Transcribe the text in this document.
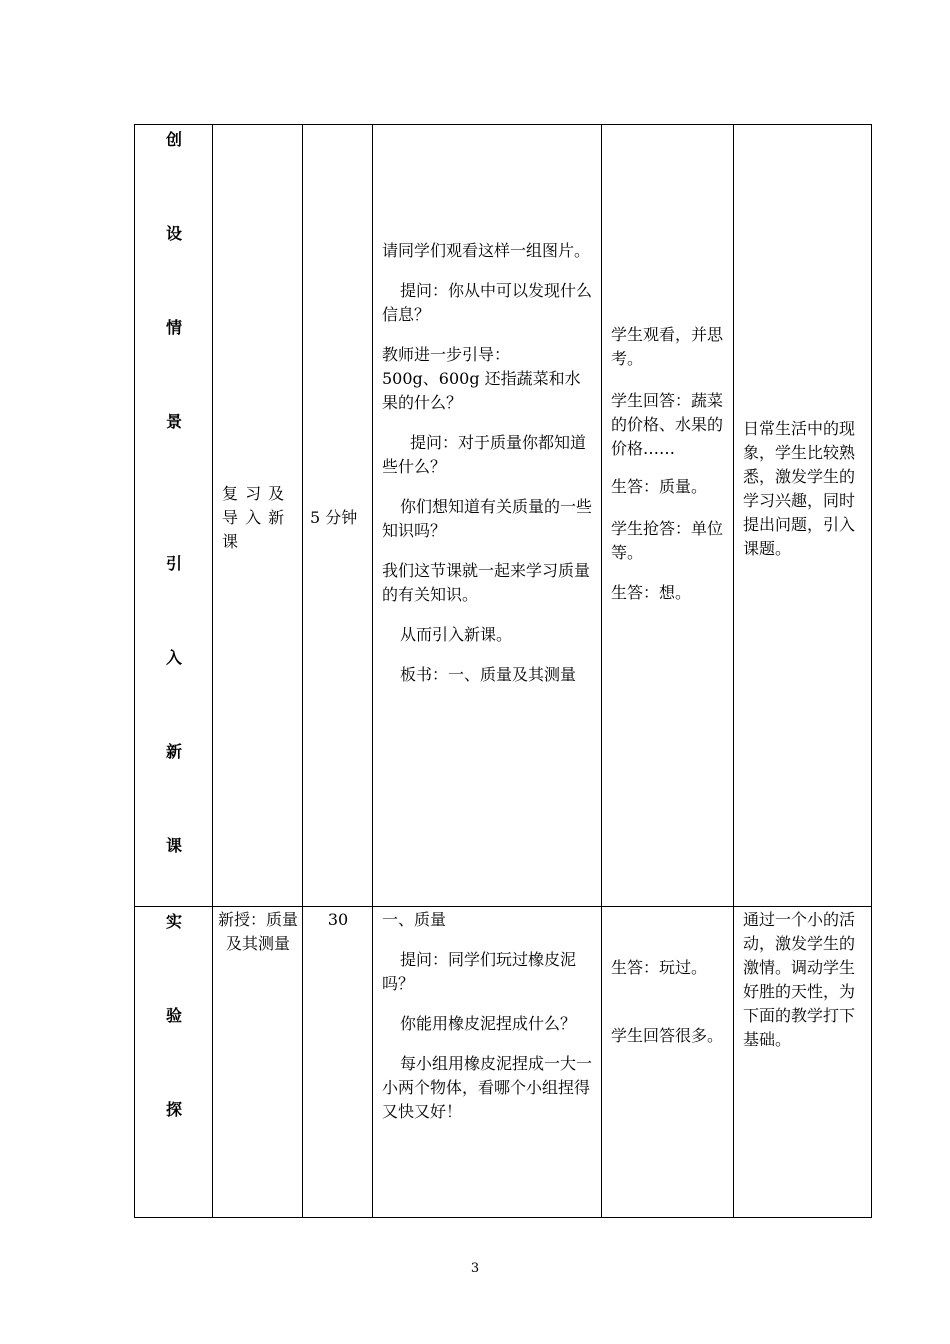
创
设
情
景
引
入
新
课
复 习 及 导 入 新 课
5 分钟

请同学们观看这样一组图片。

提问：你从中可以发现什么信息？

教师进一步引导：

500g、600g 还指蔬菜和水果的什么？

提问：对于质量你都知道些什么？

你们想知道有关质量的一些知识吗？

我们这节课就一起来学习质量的有关知识。

从而引入新课。

板书：一、质量及其测量

学生观看，并思考。

学生回答：蔬菜的价格、水果的价格……

生答：质量。

学生抢答：单位等。

生答：想。

日常生活中的现象，学生比较熟悉，激发学生的学习兴趣，同时提出问题，引入课题。
实
验
探
新授：质量及其测量
30	一、质量

提问：同学们玩过橡皮泥吗？

你能用橡皮泥捏成什么？

每小组用橡皮泥捏成一大一小两个物体，看哪个小组捏得又快又好！

生答：玩过。

学生回答很多。

通过一个小的活动，激发学生的激情。调动学生好胜的天性，为下面的教学打下基础。
3
